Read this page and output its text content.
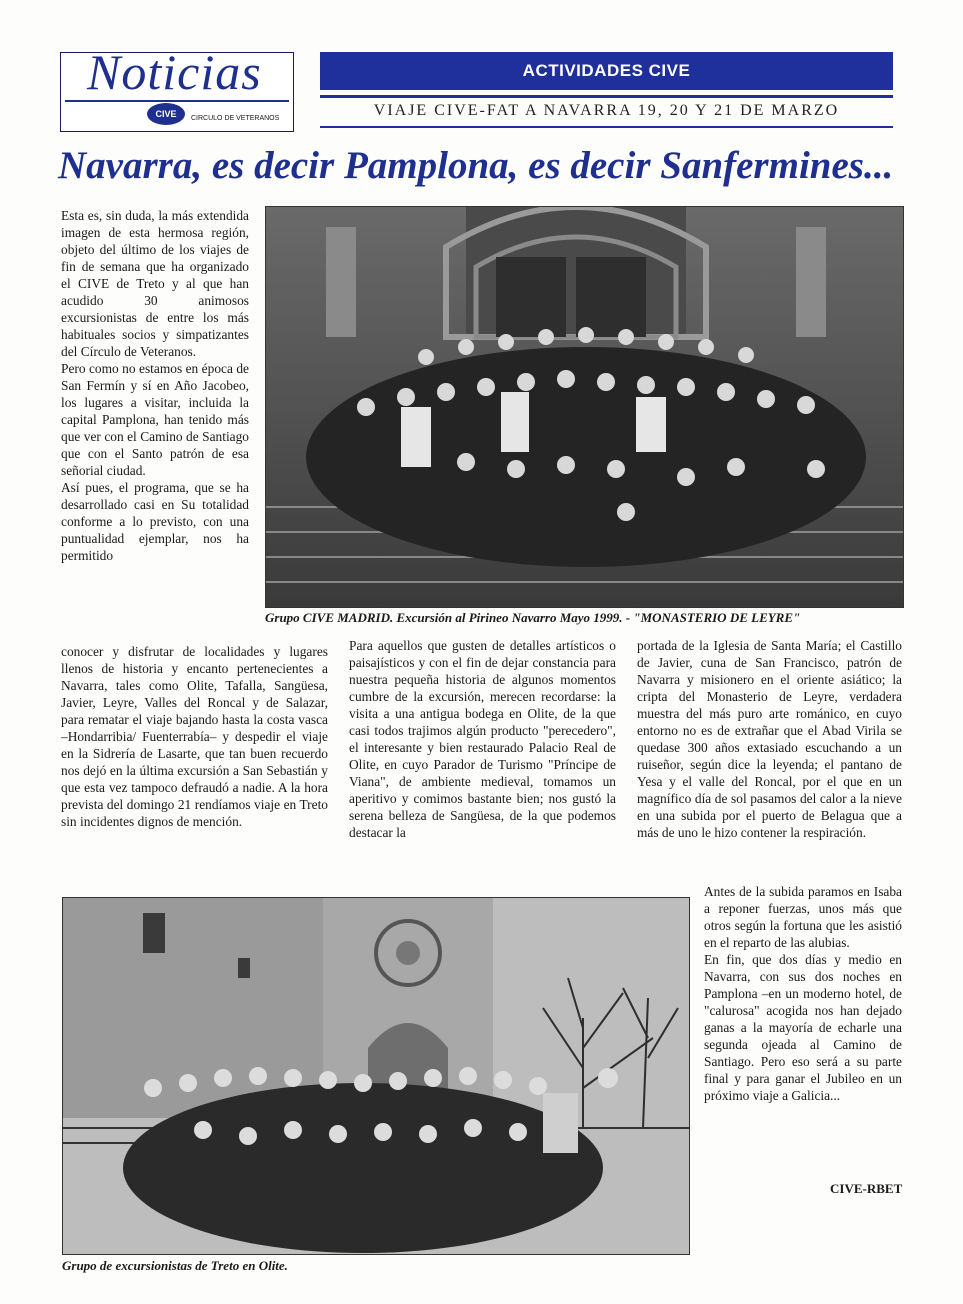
Noticias
CIVE	CIRCULO DE VETERANOS
ACTIVIDADES CIVE
VIAJE CIVE-FAT A NAVARRA 19, 20 Y 21 DE MARZO
Navarra, es decir Pamplona, es decir Sanfermines...
Grupo CIVE MADRID. Excursión al Pirineo Navarro Mayo 1999. - "MONASTERIO DE LEYRE"

Esta es, sin duda, la más extendida imagen de esta hermosa región, objeto del último de los viajes de fin de semana que ha organizado el CIVE de Treto y al que han acudido 30 animosos excursionistas de entre los más habituales socios y simpatizantes del Círculo de Veteranos.

Pero como no estamos en época de San Fermín y sí en Año Jacobeo, los lugares a visitar, incluida la capital Pamplona, han tenido más que ver con el Camino de Santiago que con el Santo patrón de esa señorial ciudad.

Así pues, el programa, que se ha desarrollado casi en Su totalidad conforme a lo previsto, con una puntualidad ejemplar, nos ha permitido

conocer y disfrutar de localidades y lugares llenos de historia y encanto pertenecientes a Navarra, tales como Olite, Tafalla, Sangüesa, Javier, Leyre, Valles del Roncal y de Salazar, para rematar el viaje bajando hasta la costa vasca –Hondarribia/ Fuenterrabía– y despedir el viaje en la Sidrería de Lasarte, que tan buen recuerdo nos dejó en la última excursión a San Sebastián y que esta vez tampoco defraudó a nadie. A la hora prevista del domingo 21 rendíamos viaje en Treto sin incidentes dignos de mención.
Para aquellos que gusten de detalles artísticos o paisajísticos y con el fin de dejar constancia para nuestra pequeña historia de algunos momentos cumbre de la excursión, merecen recordarse: la visita a una antigua bodega en Olite, de la que casi todos trajimos algún producto "perecedero", el interesante y bien restaurado Palacio Real de Olite, en cuyo Parador de Turismo "Príncipe de Viana", de ambiente medieval, tomamos un aperitivo y comimos bastante bien; nos gustó la serena belleza de Sangüesa, de la que podemos destacar la
portada de la Iglesia de Santa María; el Castillo de Javier, cuna de San Francisco, patrón de Navarra y misionero en el oriente asiático; la cripta del Monasterio de Leyre, verdadera muestra del más puro arte románico, en cuyo entorno no es de extrañar que el Abad Virila se quedase 300 años extasiado escuchando a un ruiseñor, según dice la leyenda; el pantano de Yesa y el valle del Roncal, por el que en un magnífico día de sol pasamos del calor a la nieve en una subida por el puerto de Belagua que a más de uno le hizo contener la respiración.

Antes de la subida paramos en Isaba a reponer fuerzas, unos más que otros según la fortuna que les asistió en el reparto de las alubias.

En fin, que dos días y medio en Navarra, con sus dos noches en Pamplona –en un moderno hotel, de "calurosa" acogida nos han dejado ganas a la mayoría de echarle una segunda ojeada al Camino de Santiago. Pero eso será a su parte final y para ganar el Jubileo en un próximo viaje a Galicia...

CIVE-RBET
Grupo de excursionistas de Treto en Olite.
